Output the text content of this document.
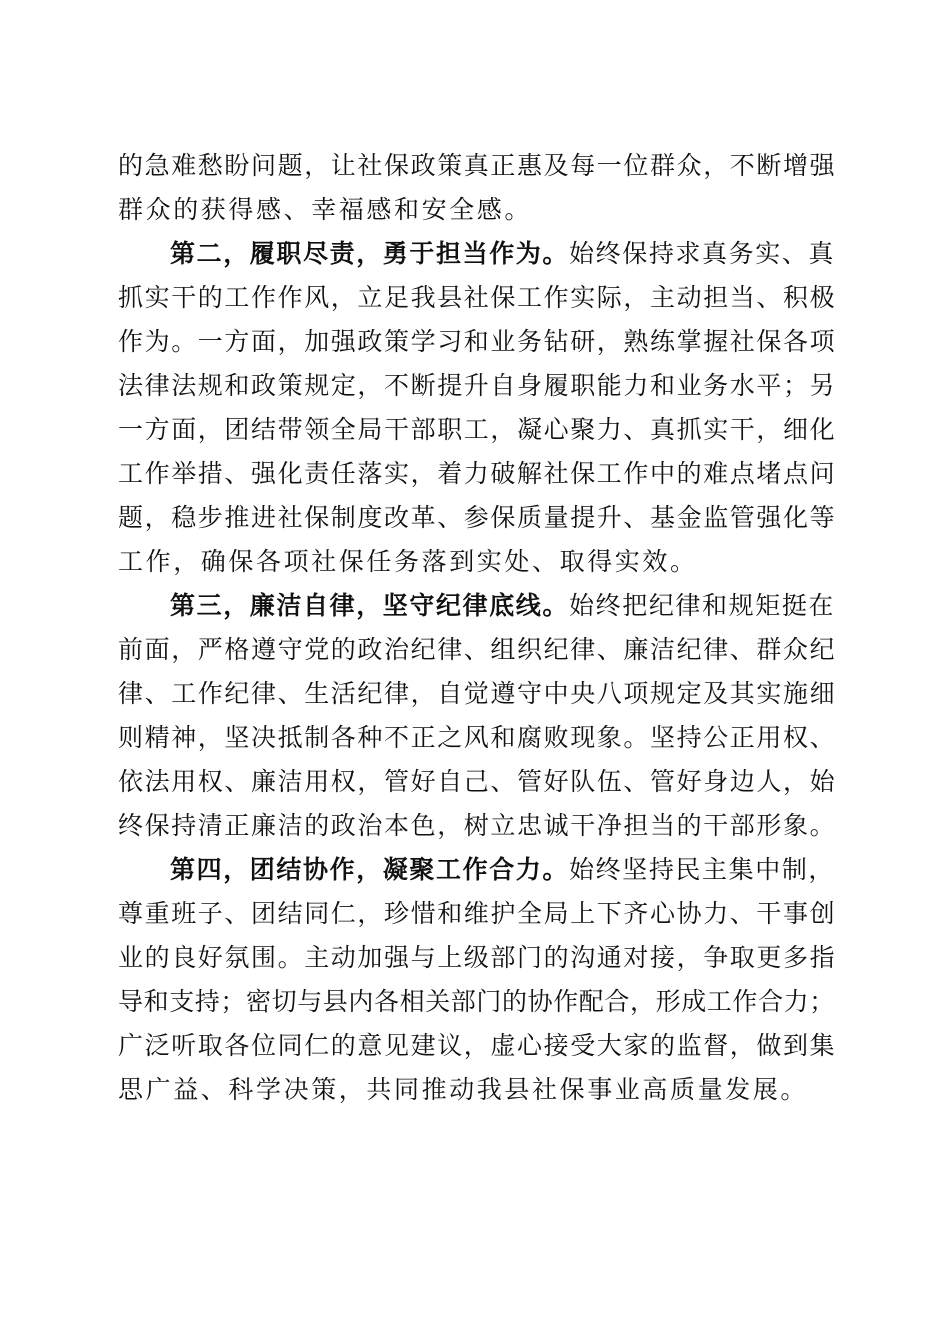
的急难愁盼问题，让社保政策真正惠及每一位群众，不断增强
群众的获得感、幸福感和安全感。
第二，履职尽责，勇于担当作为。始终保持求真务实、真
抓实干的工作作风，立足我县社保工作实际，主动担当、积极
作为。一方面，加强政策学习和业务钻研，熟练掌握社保各项
法律法规和政策规定，不断提升自身履职能力和业务水平；另
一方面，团结带领全局干部职工，凝心聚力、真抓实干，细化
工作举措、强化责任落实，着力破解社保工作中的难点堵点问
题，稳步推进社保制度改革、参保质量提升、基金监管强化等
工作，确保各项社保任务落到实处、取得实效。
第三，廉洁自律，坚守纪律底线。始终把纪律和规矩挺在
前面，严格遵守党的政治纪律、组织纪律、廉洁纪律、群众纪
律、工作纪律、生活纪律，自觉遵守中央八项规定及其实施细
则精神，坚决抵制各种不正之风和腐败现象。坚持公正用权、
依法用权、廉洁用权，管好自己、管好队伍、管好身边人，始
终保持清正廉洁的政治本色，树立忠诚干净担当的干部形象。
第四，团结协作，凝聚工作合力。始终坚持民主集中制，
尊重班子、团结同仁，珍惜和维护全局上下齐心协力、干事创
业的良好氛围。主动加强与上级部门的沟通对接，争取更多指
导和支持；密切与县内各相关部门的协作配合，形成工作合力；
广泛听取各位同仁的意见建议，虚心接受大家的监督，做到集
思广益、科学决策，共同推动我县社保事业高质量发展。
